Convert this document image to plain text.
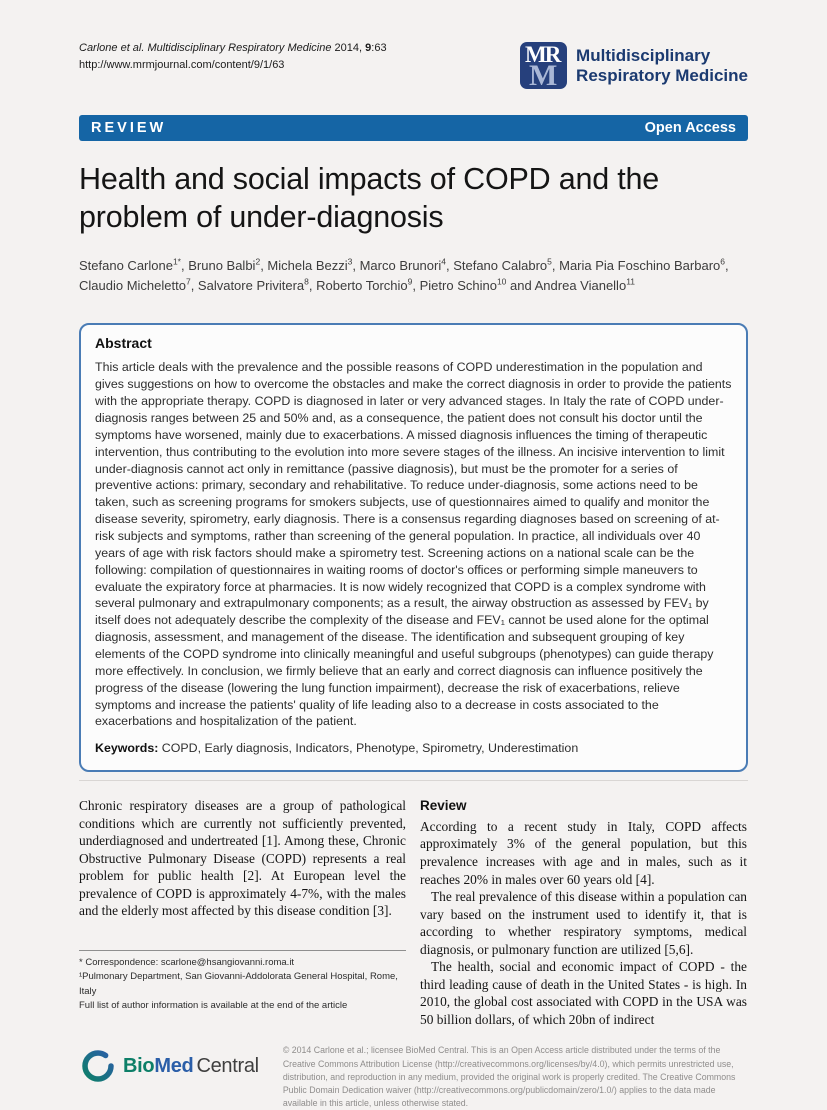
Carlone et al. Multidisciplinary Respiratory Medicine 2014, 9:63
http://www.mrmjournal.com/content/9/1/63	MR
M
Multidisciplinary
Respiratory Medicine
REVIEW	Open Access
Health and social impacts of COPD and the problem of under-diagnosis
Stefano Carlone$^{1*}$, Bruno Balbi$^2$, Michela Bezzi$^3$, Marco Brunori$^4$, Stefano Calabro$^5$, Maria Pia Foschino Barbaro$^6$, Claudio Micheletto$^7$, Salvatore Privitera$^8$, Roberto Torchio$^9$, Pietro Schino$^{10}$ and Andrea Vianello$^{11}$
Abstract

This article deals with the prevalence and the possible reasons of COPD underestimation in the population and gives suggestions on how to overcome the obstacles and make the correct diagnosis in order to provide the patients with the appropriate therapy. COPD is diagnosed in later or very advanced stages. In Italy the rate of COPD under-diagnosis ranges between 25 and 50% and, as a consequence, the patient does not consult his doctor until the symptoms have worsened, mainly due to exacerbations. A missed diagnosis influences the timing of therapeutic intervention, thus contributing to the evolution into more severe stages of the illness. An incisive intervention to limit under-diagnosis cannot act only in remittance (passive diagnosis), but must be the promoter for a series of preventive actions: primary, secondary and rehabilitative. To reduce under-diagnosis, some actions need to be taken, such as screening programs for smokers subjects, use of questionnaires aimed to qualify and monitor the disease severity, spirometry, early diagnosis. There is a consensus regarding diagnoses based on screening of at-risk subjects and symptoms, rather than screening of the general population. In practice, all individuals over 40 years of age with risk factors should make a spirometry test. Screening actions on a national scale can be the following: compilation of questionnaires in waiting rooms of doctor's offices or performing simple maneuvers to evaluate the expiratory force at pharmacies. It is now widely recognized that COPD is a complex syndrome with several pulmonary and extrapulmonary components; as a result, the airway obstruction as assessed by FEV₁ by itself does not adequately describe the complexity of the disease and FEV₁ cannot be used alone for the optimal diagnosis, assessment, and management of the disease. The identification and subsequent grouping of key elements of the COPD syndrome into clinically meaningful and useful subgroups (phenotypes) can guide therapy more effectively. In conclusion, we firmly believe that an early and correct diagnosis can influence positively the progress of the disease (lowering the lung function impairment), decrease the risk of exacerbations, relieve symptoms and increase the patients' quality of life leading also to a decrease in costs associated to the exacerbations and hospitalization of the patient.

Keywords: COPD, Early diagnosis, Indicators, Phenotype, Spirometry, Underestimation

Chronic respiratory diseases are a group of pathological conditions which are currently not sufficiently prevented, underdiagnosed and undertreated [1]. Among these, Chronic Obstructive Pulmonary Disease (COPD) represents a real problem for public health [2]. At European level the prevalence of COPD is approximately 4-7%, with the males and the elderly most affected by this disease condition [3].

* Correspondence: scarlone@hsangiovanni.roma.it

¹Pulmonary Department, San Giovanni-Addolorata General Hospital, Rome, Italy

Full list of author information is available at the end of the article

Review

According to a recent study in Italy, COPD affects approximately 3% of the general population, but this prevalence increases with age and in males, such as it reaches 20% in males over 60 years old [4].

The real prevalence of this disease within a population can vary based on the instrument used to identify it, that is according to whether respiratory symptoms, medical diagnosis, or pulmonary function are utilized [5,6].

The health, social and economic impact of COPD - the third leading cause of death in the United States - is high. In 2010, the global cost associated with COPD in the USA was 50 billion dollars, of which 20bn of indirect

BioMed Central
© 2014 Carlone et al.; licensee BioMed Central. This is an Open Access article distributed under the terms of the Creative Commons Attribution License (http://creativecommons.org/licenses/by/4.0), which permits unrestricted use, distribution, and reproduction in any medium, provided the original work is properly credited. The Creative Commons Public Domain Dedication waiver (http://creativecommons.org/publicdomain/zero/1.0/) applies to the data made available in this article, unless otherwise stated.
